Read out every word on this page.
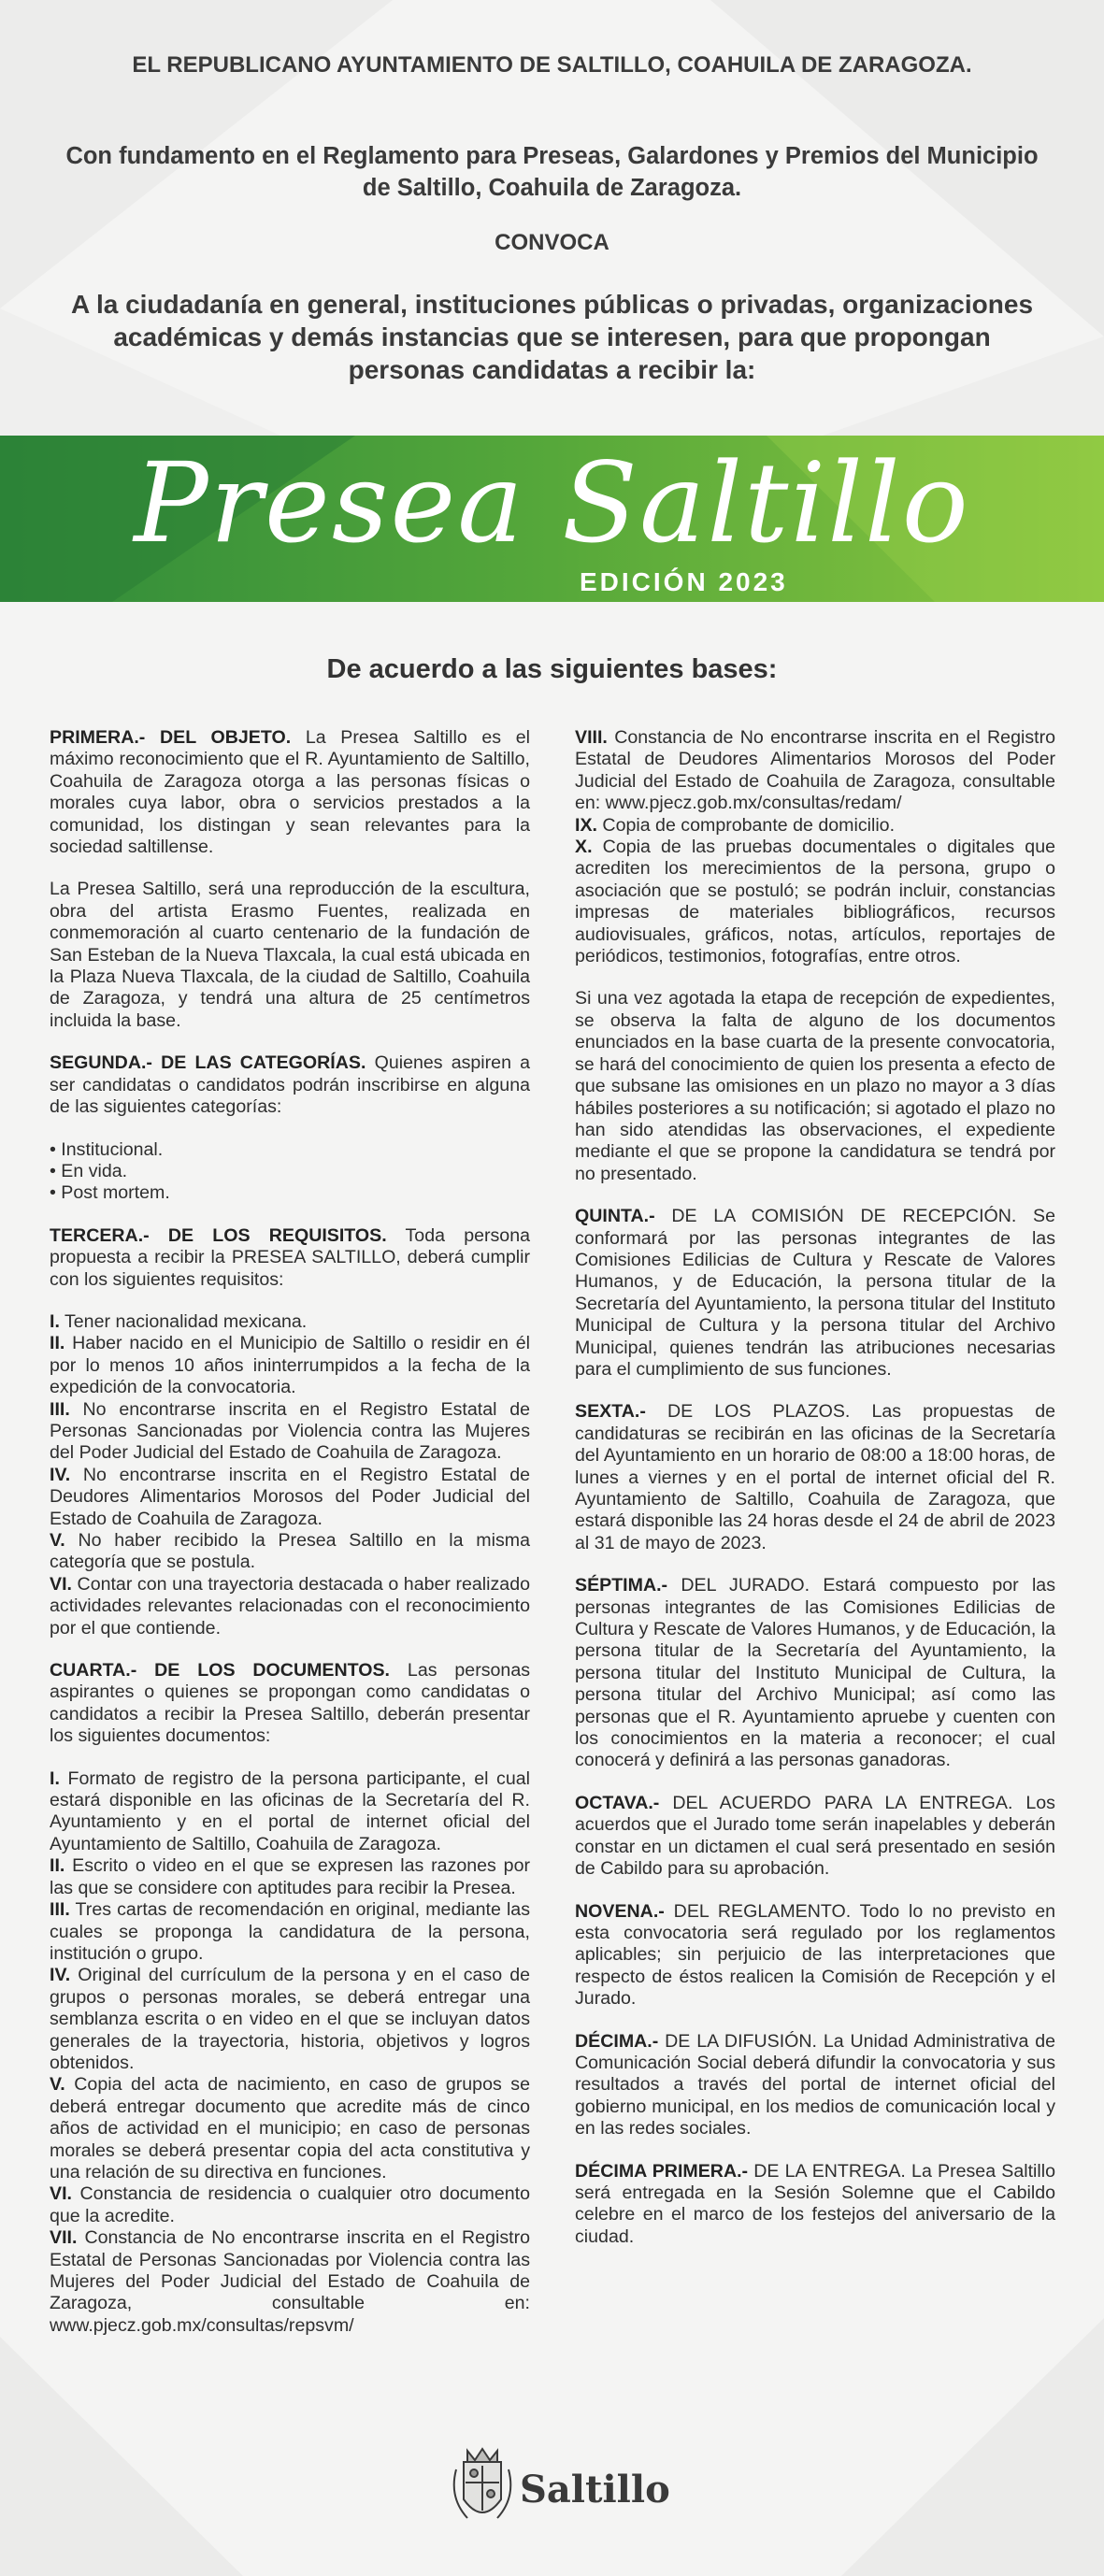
EL REPUBLICANO AYUNTAMIENTO DE SALTILLO, COAHUILA DE ZARAGOZA.
Con fundamento en el Reglamento para Preseas, Galardones y Premios del Municipio de Saltillo, Coahuila de Zaragoza.
CONVOCA
A la ciudadanía en general, instituciones públicas o privadas, organizaciones académicas y demás instancias que se interesen, para que propongan personas candidatas a recibir la:
Presea Saltillo
EDICIÓN 2023
De acuerdo a las siguientes bases:

PRIMERA.- DEL OBJETO. La Presea Saltillo es el máximo reconocimiento que el R. Ayuntamiento de Saltillo, Coahuila de Zaragoza otorga a las personas físicas o morales cuya labor, obra o servicios prestados a la comunidad, los distingan y sean relevantes para la sociedad saltillense.

La Presea Saltillo, será una reproducción de la escultura, obra del artista Erasmo Fuentes, realizada en conmemoración al cuarto centenario de la fundación de San Esteban de la Nueva Tlaxcala, la cual está ubicada en la Plaza Nueva Tlaxcala, de la ciudad de Saltillo, Coahuila de Zaragoza, y tendrá una altura de 25 centímetros incluida la base.

SEGUNDA.- DE LAS CATEGORÍAS. Quienes aspiren a ser candidatas o candidatos podrán inscribirse en alguna de las siguientes categorías:

• Institucional.
• En vida.
• Post mortem.

TERCERA.- DE LOS REQUISITOS. Toda persona propuesta a recibir la PRESEA SALTILLO, deberá cumplir con los siguientes requisitos:

I. Tener nacionalidad mexicana.

II. Haber nacido en el Municipio de Saltillo o residir en él por lo menos 10 años ininterrumpidos a la fecha de la expedición de la convocatoria.

III. No encontrarse inscrita en el Registro Estatal de Personas Sancionadas por Violencia contra las Mujeres del Poder Judicial del Estado de Coahuila de Zaragoza.

IV. No encontrarse inscrita en el Registro Estatal de Deudores Alimentarios Morosos del Poder Judicial del Estado de Coahuila de Zaragoza.

V. No haber recibido la Presea Saltillo en la misma categoría que se postula.

VI. Contar con una trayectoria destacada o haber realizado actividades relevantes relacionadas con el reconocimiento por el que contiende.

CUARTA.- DE LOS DOCUMENTOS. Las personas aspirantes o quienes se propongan como candidatas o candidatos a recibir la Presea Saltillo, deberán presentar los siguientes documentos:

I. Formato de registro de la persona participante, el cual estará disponible en las oficinas de la Secretaría del R. Ayuntamiento y en el portal de internet oficial del Ayuntamiento de Saltillo, Coahuila de Zaragoza.

II. Escrito o video en el que se expresen las razones por las que se considere con aptitudes para recibir la Presea.

III. Tres cartas de recomendación en original, mediante las cuales se proponga la candidatura de la persona, institución o grupo.

IV. Original del currículum de la persona y en el caso de grupos o personas morales, se deberá entregar una semblanza escrita o en video en el que se incluyan datos generales de la trayectoria, historia, objetivos y logros obtenidos.

V. Copia del acta de nacimiento, en caso de grupos se deberá entregar documento que acredite más de cinco años de actividad en el municipio; en caso de personas morales se deberá presentar copia del acta constitutiva y una relación de su directiva en funciones.

VI. Constancia de residencia o cualquier otro documento que la acredite.

VII. Constancia de No encontrarse inscrita en el Registro Estatal de Personas Sancionadas por Violencia contra las Mujeres del Poder Judicial del Estado de Coahuila de Zaragoza, consultable en: www.pjecz.gob.mx/consultas/repsvm/

VIII. Constancia de No encontrarse inscrita en el Registro Estatal de Deudores Alimentarios Morosos del Poder Judicial del Estado de Coahuila de Zaragoza, consultable en: www.pjecz.gob.mx/consultas/redam/

IX. Copia de comprobante de domicilio.

X. Copia de las pruebas documentales o digitales que acrediten los merecimientos de la persona, grupo o asociación que se postuló; se podrán incluir, constancias impresas de materiales bibliográficos, recursos audiovisuales, gráficos, notas, artículos, reportajes de periódicos, testimonios, fotografías, entre otros.

Si una vez agotada la etapa de recepción de expedientes, se observa la falta de alguno de los documentos enunciados en la base cuarta de la presente convocatoria, se hará del conocimiento de quien los presenta a efecto de que subsane las omisiones en un plazo no mayor a 3 días hábiles posteriores a su notificación; si agotado el plazo no han sido atendidas las observaciones, el expediente mediante el que se propone la candidatura se tendrá por no presentado.

QUINTA.- DE LA COMISIÓN DE RECEPCIÓN. Se conformará por las personas integrantes de las Comisiones Edilicias de Cultura y Rescate de Valores Humanos, y de Educación, la persona titular de la Secretaría del Ayuntamiento, la persona titular del Instituto Municipal de Cultura y la persona titular del Archivo Municipal, quienes tendrán las atribuciones necesarias para el cumplimiento de sus funciones.

SEXTA.- DE LOS PLAZOS. Las propuestas de candidaturas se recibirán en las oficinas de la Secretaría del Ayuntamiento en un horario de 08:00 a 18:00 horas, de lunes a viernes y en el portal de internet oficial del R. Ayuntamiento de Saltillo, Coahuila de Zaragoza, que estará disponible las 24 horas desde el 24 de abril de 2023 al 31 de mayo de 2023.

SÉPTIMA.- DEL JURADO. Estará compuesto por las personas integrantes de las Comisiones Edilicias de Cultura y Rescate de Valores Humanos, y de Educación, la persona titular de la Secretaría del Ayuntamiento, la persona titular del Instituto Municipal de Cultura, la persona titular del Archivo Municipal; así como las personas que el R. Ayuntamiento apruebe y cuenten con los conocimientos en la materia a reconocer; el cual conocerá y definirá a las personas ganadoras.

OCTAVA.- DEL ACUERDO PARA LA ENTREGA. Los acuerdos que el Jurado tome serán inapelables y deberán constar en un dictamen el cual será presentado en sesión de Cabildo para su aprobación.

NOVENA.- DEL REGLAMENTO. Todo lo no previsto en esta convocatoria será regulado por los reglamentos aplicables; sin perjuicio de las interpretaciones que respecto de éstos realicen la Comisión de Recepción y el Jurado.

DÉCIMA.- DE LA DIFUSIÓN. La Unidad Administrativa de Comunicación Social deberá difundir la convocatoria y sus resultados a través del portal de internet oficial del gobierno municipal, en los medios de comunicación local y en las redes sociales.

DÉCIMA PRIMERA.- DE LA ENTREGA. La Presea Saltillo será entregada en la Sesión Solemne que el Cabildo celebre en el marco de los festejos del aniversario de la ciudad.

Saltillo
